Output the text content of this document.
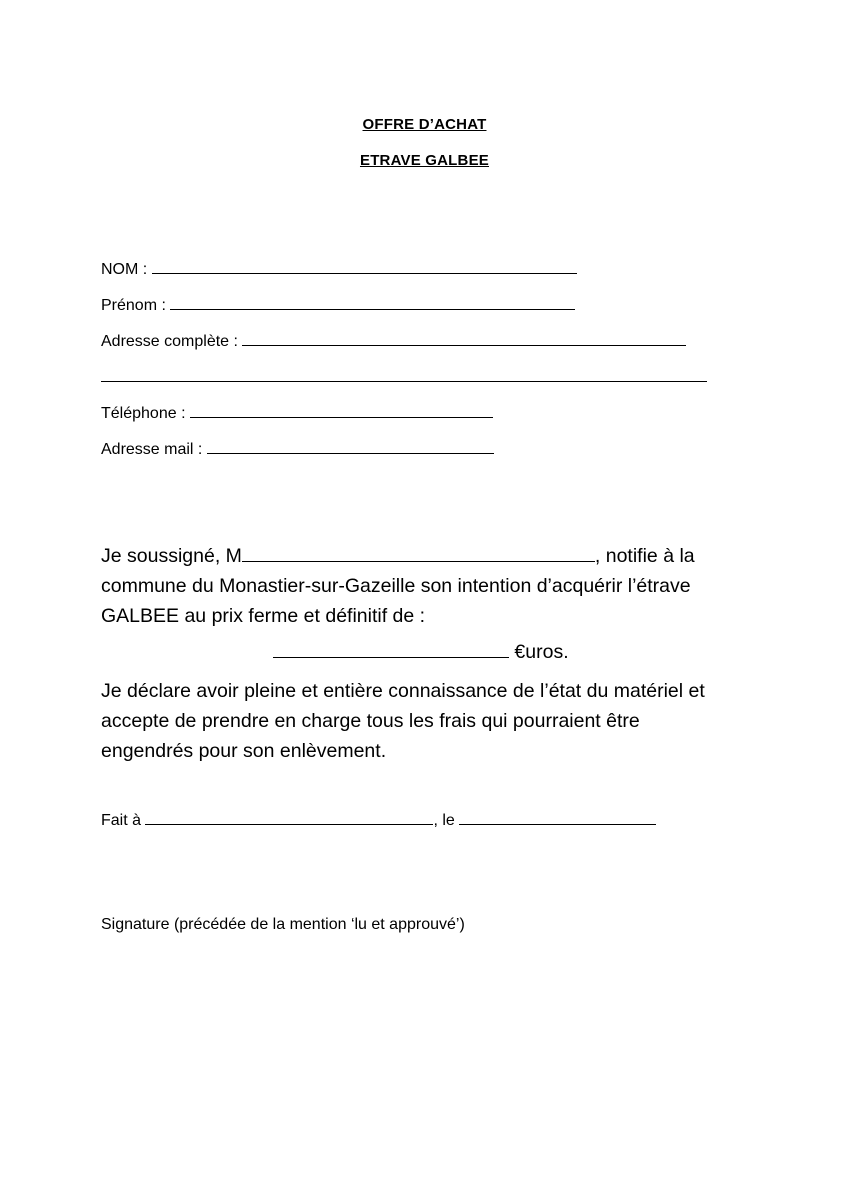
OFFRE D’ACHAT
ETRAVE GALBEE
NOM :
Prénom :
Adresse complète :
Téléphone :
Adresse mail :
Je soussigné, M	, notifie à la
commune du Monastier-sur-Gazeille son intention d’acquérir l’étrave
GALBEE au prix ferme et définitif de :
€uros.
Je déclare avoir pleine et entière connaissance de l’état du matériel et
accepte de prendre en charge tous les frais qui pourraient être
engendrés pour son enlèvement.
Fait à	, le
Signature (précédée de la mention ‘lu et approuvé’)
